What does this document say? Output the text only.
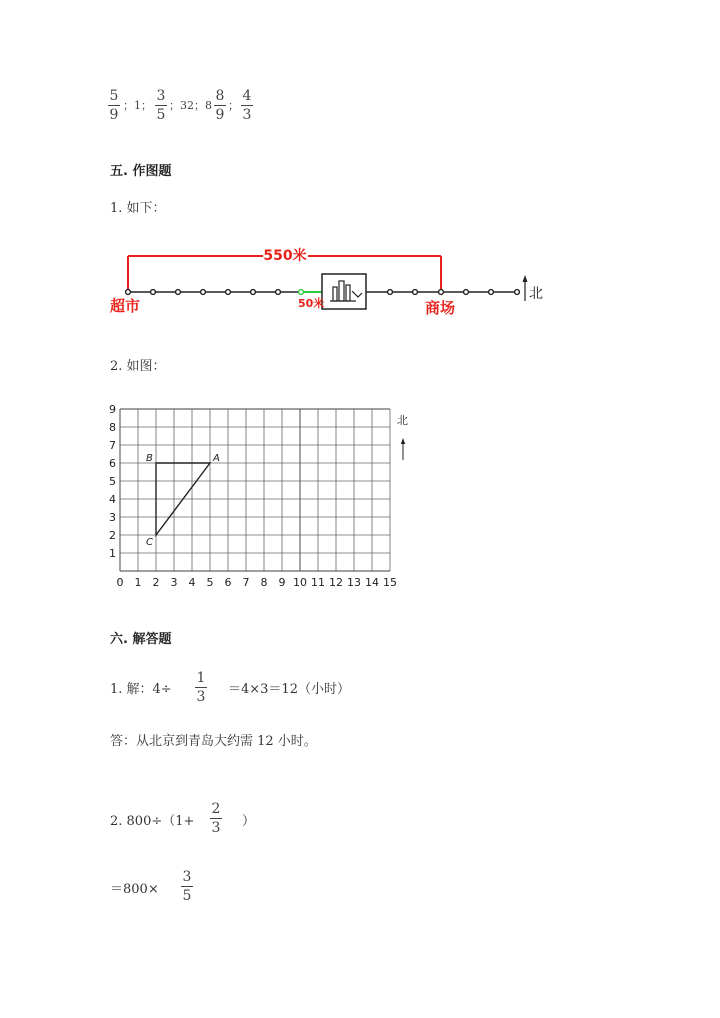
5
9
；1；
3
5
；32；8
8
9
；
4
3
五. 作图题
1. 如下：
550米
50米
超市	商场
北
2. 如图：
0 1 2 3 4 5 6 7 8 9 10 11 12 13 14 15
1
2
3
4
5
6
7
8
9
A
B
C
北
六. 解答题
1. 解：4÷
1
3 ＝4×3＝12（小时）
答：从北京到青岛大约需 12 小时。
2. 800÷（1+
2
3 ）
＝800×
3
5
